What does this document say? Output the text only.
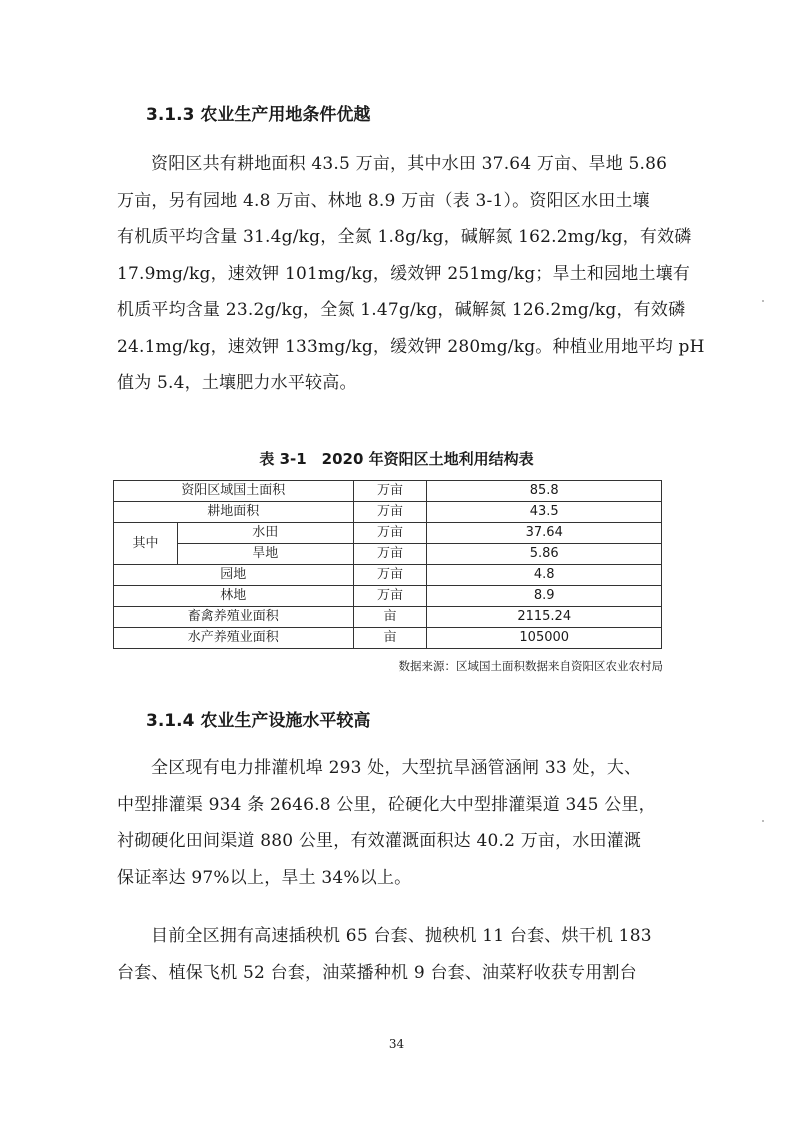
3.1.3 农业生产用地条件优越
资阳区共有耕地面积 43.5 万亩，其中水田 37.64 万亩、旱地 5.86
万亩，另有园地 4.8 万亩、林地 8.9 万亩（表 3-1）。资阳区水田土壤
有机质平均含量 31.4g/kg，全氮 1.8g/kg，碱解氮 162.2mg/kg，有效磷
17.9mg/kg，速效钾 101mg/kg，缓效钾 251mg/kg；旱土和园地土壤有
机质平均含量 23.2g/kg，全氮 1.47g/kg，碱解氮 126.2mg/kg，有效磷
24.1mg/kg，速效钾 133mg/kg，缓效钾 280mg/kg。种植业用地平均 pH
值为 5.4，土壤肥力水平较高。
表 3-1　2020 年资阳区土地利用结构表
资阳区域国土面积		万亩	85.8
耕地面积		万亩	43.5
其中	水田	万亩	37.64
	旱地	万亩	5.86
园地		万亩	4.8
林地		万亩	8.9
畜禽养殖业面积		亩	2115.24
水产养殖业面积		亩	105000
数据来源：区域国土面积数据来自资阳区农业农村局
3.1.4 农业生产设施水平较高
全区现有电力排灌机埠 293 处，大型抗旱涵管涵闸 33 处，大、
中型排灌渠 934 条 2646.8 公里，砼硬化大中型排灌渠道 345 公里，
衬砌硬化田间渠道 880 公里，有效灌溉面积达 40.2 万亩，水田灌溉
保证率达 97%以上，旱土 34%以上。
目前全区拥有高速插秧机 65 台套、抛秧机 11 台套、烘干机 183
台套、植保飞机 52 台套，油菜播种机 9 台套、油菜籽收获专用割台
34
